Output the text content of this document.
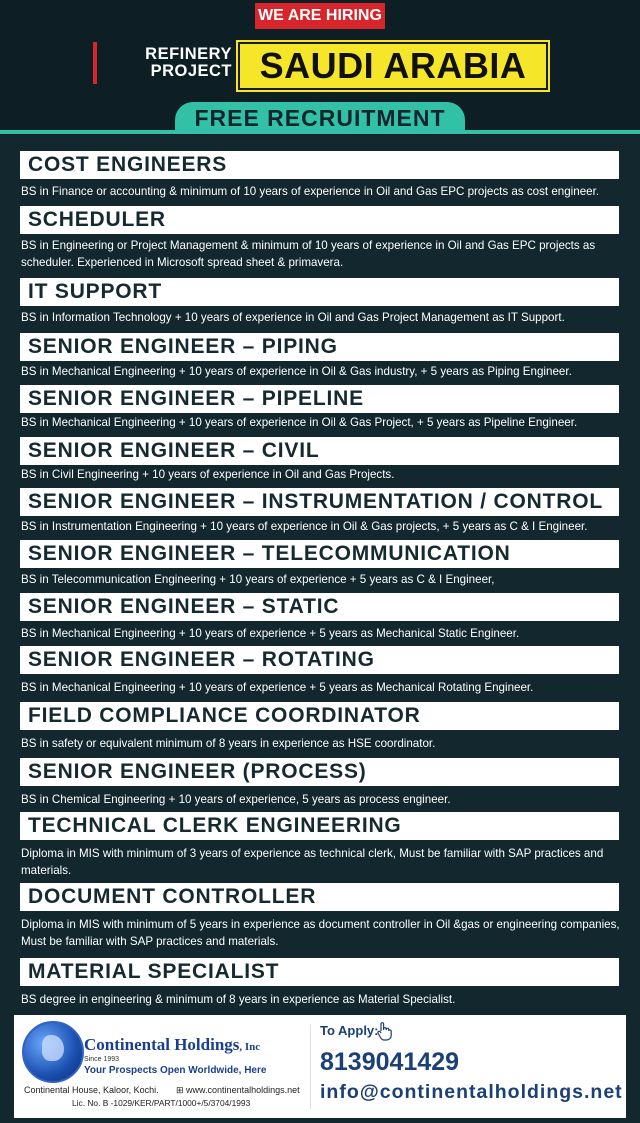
WE ARE HIRING
REFINERY
PROJECT SAUDI ARABIA
FREE RECRUITMENT
COST ENGINEERS
BS in Finance or accounting & minimum of 10 years of experience in Oil and Gas EPC projects as cost engineer.
SCHEDULER
BS in Engineering or Project Management & minimum of 10 years of experience in Oil and Gas EPC projects as scheduler. Experienced in Microsoft spread sheet & primavera.
IT SUPPORT
BS in Information Technology + 10 years of experience in Oil and Gas Project Management as IT Support.
SENIOR ENGINEER – PIPING
BS in Mechanical Engineering + 10 years of experience in Oil & Gas industry, + 5 years as Piping Engineer.
SENIOR ENGINEER – PIPELINE
BS in Mechanical Engineering + 10 years of experience in Oil & Gas Project, + 5 years as Pipeline Engineer.
SENIOR ENGINEER – CIVIL
BS in Civil Engineering + 10 years of experience in Oil and Gas Projects.
SENIOR ENGINEER – INSTRUMENTATION / CONTROL
BS in Instrumentation Engineering + 10 years of experience in Oil & Gas projects, + 5 years as C & I Engineer.
SENIOR ENGINEER – TELECOMMUNICATION
BS in Telecommunication Engineering + 10 years of experience + 5 years as C & I Engineer,
SENIOR ENGINEER – STATIC
BS in Mechanical Engineering + 10 years of experience + 5 years as Mechanical Static Engineer.
SENIOR ENGINEER – ROTATING
BS in Mechanical Engineering + 10 years of experience + 5 years as Mechanical Rotating Engineer.
FIELD COMPLIANCE COORDINATOR
BS in safety or equivalent minimum of 8 years in experience as HSE coordinator.
SENIOR ENGINEER (PROCESS)
BS in Chemical Engineering + 10 years of experience, 5 years as process engineer.
TECHNICAL CLERK ENGINEERING
Diploma in MIS with minimum of 3 years of experience as technical clerk, Must be familiar with SAP practices and materials.
DOCUMENT CONTROLLER
Diploma in MIS with minimum of 5 years in experience as document controller in Oil &gas or engineering companies, Must be familiar with SAP practices and materials.
MATERIAL SPECIALIST
BS degree in engineering & minimum of 8 years in experience as Material Specialist.
Continental Holdings, Inc
Since 1993
Your Prospects Open Worldwide, Here
Continental House, Kaloor, Kochi. ⊞ www.continentalholdings.net
Lic. No. B -1029/KER/PART/1000+/5/3704/1993
To Apply:
8139041429
info@continentalholdings.net
